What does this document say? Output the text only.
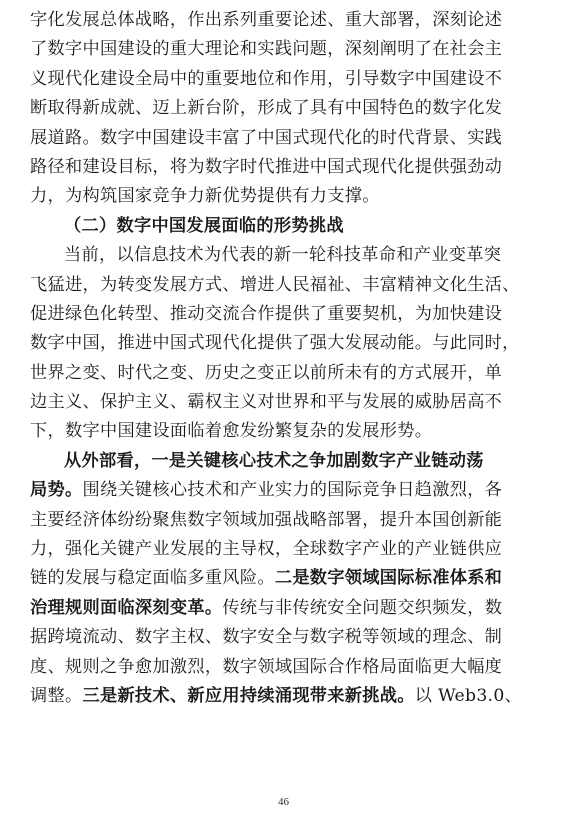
字化发展总体战略，作出系列重要论述、重大部署，深刻论述
了数字中国建设的重大理论和实践问题，深刻阐明了在社会主
义现代化建设全局中的重要地位和作用，引导数字中国建设不
断取得新成就、迈上新台阶，形成了具有中国特色的数字化发
展道路。数字中国建设丰富了中国式现代化的时代背景、实践
路径和建设目标，将为数字时代推进中国式现代化提供强劲动
力，为构筑国家竞争力新优势提供有力支撑。
（二）数字中国发展面临的形势挑战
当前，以信息技术为代表的新一轮科技革命和产业变革突
飞猛进，为转变发展方式、增进人民福祉、丰富精神文化生活、
促进绿色化转型、推动交流合作提供了重要契机，为加快建设
数字中国，推进中国式现代化提供了强大发展动能。与此同时，
世界之变、时代之变、历史之变正以前所未有的方式展开，单
边主义、保护主义、霸权主义对世界和平与发展的威胁居高不
下，数字中国建设面临着愈发纷繁复杂的发展形势。
从外部看，一是关键核心技术之争加剧数字产业链动荡
局势。围绕关键核心技术和产业实力的国际竞争日趋激烈，各
主要经济体纷纷聚焦数字领域加强战略部署，提升本国创新能
力，强化关键产业发展的主导权，全球数字产业的产业链供应
链的发展与稳定面临多重风险。二是数字领域国际标准体系和
治理规则面临深刻变革。传统与非传统安全问题交织频发，数
据跨境流动、数字主权、数字安全与数字税等领域的理念、制
度、规则之争愈加激烈，数字领域国际合作格局面临更大幅度
调整。三是新技术、新应用持续涌现带来新挑战。以 Web3.0、
46
